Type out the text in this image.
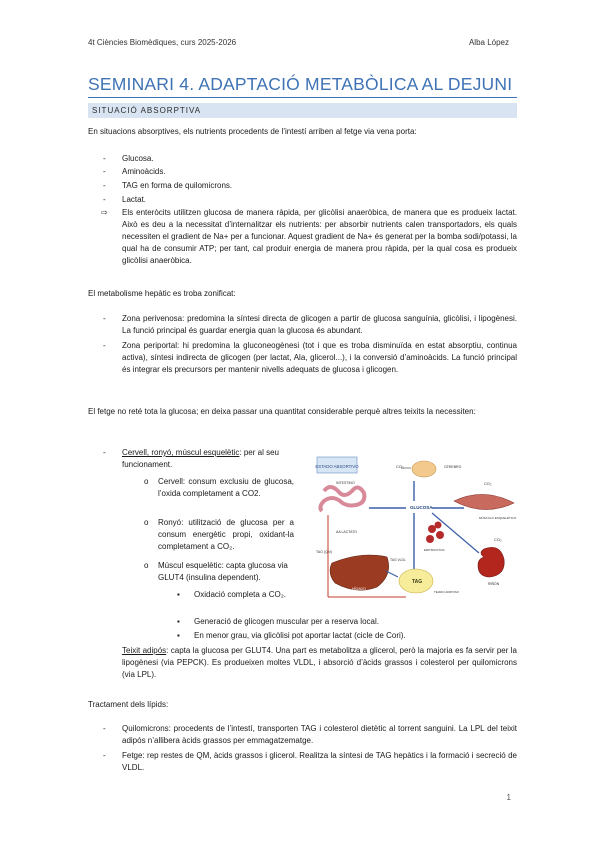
4t Ciències Biomèdiques, curs 2025-2026	Alba López
SEMINARI 4. ADAPTACIÓ METABÒLICA AL DEJUNI
SITUACIÓ ABSORPTIVA
En situacions absorptives, els nutrients procedents de l’intestí arriben al fetge via vena porta:
- Glucosa.
- Aminoàcids.
- TAG en forma de quilomicrons.
- Lactat.
⇨ Els enteròcits utilitzen glucosa de manera ràpida, per glicòlisi anaeròbica, de manera que es produeix lactat. Això es deu a la necessitat d’internalitzar els nutrients: per absorbir nutrients calen transportadors, els quals necessiten el gradient de Na+ per a funcionar. Aquest gradient de Na+ és generat per la bomba sodi/potassi, la qual ha de consumir ATP; per tant, cal produir energia de manera prou ràpida, per la qual cosa es produeix glicòlisi anaeròbica.
El metabolisme hepàtic es troba zonificat:
- Zona perivenosa: predomina la síntesi directa de glicogen a partir de glucosa sanguínia, glicòlisi, i lipogènesi. La funció principal és guardar energia quan la glucosa és abundant.
- Zona periportal: hi predomina la gluconeogènesi (tot i que es troba disminuïda en estat absorptiu, continua activa), síntesi indirecta de glicogen (per lactat, Ala, glicerol...), i la conversió d’aminoàcids. La funció principal és integrar els precursors per mantenir nivells adequats de glucosa i glicogen.
El fetge no reté tota la glucosa; en deixa passar una quantitat considerable perquè altres teixits la necessiten:
- Cervell, ronyó, múscul esquelètic: per al seu funcionament.
o Cervell: consum exclusiu de glucosa, l’oxida completament a CO2.
o Ronyó: utilització de glucosa per a consum energètic propi, oxidant-la completament a CO₂.
o Múscul esquelètic: capta glucosa via GLUT4 (insulina dependent).
▪ Oxidació completa a CO₂.
▪ Generació de glicogen muscular per a reserva local.
▪ En menor grau, via glicòlisi pot aportar lactat (cicle de Cori).
Teixit adipós: capta la glucosa per GLUT4. Una part es metabolitza a glicerol, però la majoria es fa servir per la lipogènesi (via PEPCK). Es produeixen moltes VLDL, i absorció d’àcids grassos i colesterol per quilomicrons (via LPL).
Tractament dels lípids:
- Quilomicrons: procedents de l’intestí, transporten TAG i colesterol dietètic al torrent sanguini. La LPL del teixit adipós n’allibera àcids grassos per emmagatzematge.
- Fetge: rep restes de QM, àcids grassos i glicerol. Realitza la síntesi de TAG hepàtics i la formació i secreció de VLDL.
ESTADO ABSORTIVO
INTESTINO
CEREBRO
CO₂
GLUCOSA
MÚSCULO ESQUELÉTICO
CO₂
ERITROCITOS
HÍGADO
AA LACTATO
TAG (QM)
TAG
TEJIDO ADIPOSO
TAG VLDL
RIÑÓN
CO₂
1
